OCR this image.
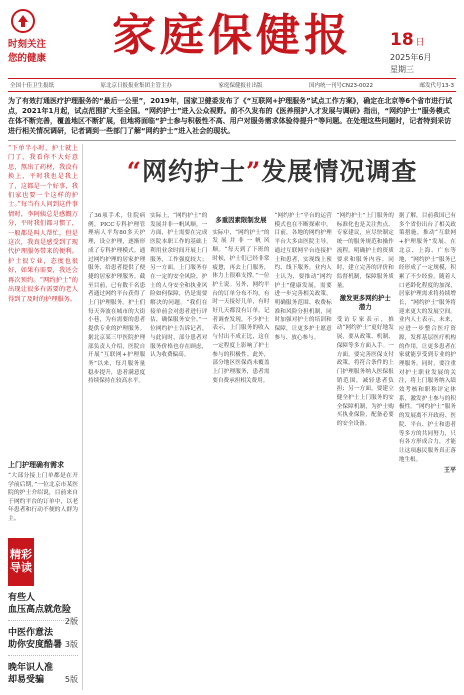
时刻关注
您的健康	家庭保健报	18 日
2025年6月
星期三
全国十佳卫生报纸	原北京日报报业集团主管主办	家庭保健报社出版	国内统一刊号CN23-0022	邮发代号13-3
为了有效打通医疗护理服务的“最后一公里”，2019年，国家卫健委发布了《“互联网+护理服务”试点工作方案》，确定在北京等6个省市进行试点，2021年1月起，试点范围扩大至全国。“网约护士”进入公众视野。前不久发布的《医养照护人才发展与调研》指出，“网约护士”服务模式在体不断完善，覆盖地区不断扩展，但地将面临“护士参与积极性不高、用户对服务需求体验待提升”等问题。在处理这些问题时，记者特到采访进行相关情况调研，记者调到一些部门了解“网约护士”进入社会的现状。
“下单半小时，护士就上门了，我看你不大好意思，熬出了药材，我没有换上，平时我也是我上了，这都是一个好事，我们家也要一个这样的护士。”每当有人问到这件事情时，李阿姨总是感慨万分，平时我们都习惯了，一般都是叫人帮忙，但是这次，我真是感受到了现代护理服务带来的便利。护士很专业，态度也很好，如果有需要，我还会再次预约。“网约护士”的出现让很多有需要的老人得到了及时的护理服务。
上门护理确有需求
“大部分接上门单都是在开学前后期，”一位北京市某医院的护士介绍说，目前来自于网约平台的订单中，以老年患者和行动不便的人群为主。
精彩
导读
有些人
血压高点就危险
2版
中医作意法
助你安度酷暑 3版
晚年识人准
却易受骗	5版
“网约护士”发展情况调查
了36项手术，住院病例。PICC专科护理管理病人平均80多天护理，设立护理，逐渐形成了专科护理模式。通过网约护理的居家护理服务，给患者提供了便捷的居家护理服务。截至目前，已有数千名患者通过网约平台获得了上门护理服务。护士们每天奔波在城市的大街小巷，为有需要的患者提供专业的护理服务。据北京某三甲医院护理部负责人介绍，医院自开展“互联网+护理服务”以来，每月服务量稳步提升，患者满意度持续保持在较高水平。
实际上，“网约护士”的发展并非一帆风顺。一方面，护士需要在完成医院本职工作的基础上利用业余时间开展上门服务，工作强度较大；另一方面，上门服务存在一定的安全风险，护士的人身安全和执业风险如何保障，仍是需要解决的问题。“我们在接单前会对患者进行评估，确保服务安全。”一位网约护士告诉记者。与此同时，部分患者对服务价格也存在顾虑，认为收费偏高。
多重因素限制发展
实际中，“网约护士”的发展并非一帆风顺。“每天到了下班的时候，护士们已经非常疲惫，再去上门服务，体力上很难支撑。”一位护士说。另外，网约平台的订单分布不均，有时一天接好几单，有时好几天都没有订单。记者调查发现，不少护士表示，上门服务的收入与付出不成正比，这在一定程度上影响了护士参与的积极性。此外，部分地区医保尚未覆盖上门护理服务，患者需要自费承担相关费用。
“网约护士”平台的运营模式也在不断探索中。目前，各地的网约护理平台大多由医院主导，通过互联网平台连接护士和患者，实现线上预约、线下服务。业内人士认为，要推动“网约护士”健康发展，需要进一步完善相关政策，明确服务范围、收费标准和风险分担机制，同时加强对护士的培训和保障，让更多护士愿意参与、放心参与。
“网约护士”上门服务的标准化也是关注焦点。专家建议，应尽快制定统一的服务规范和操作流程，明确护士的资质要求和服务内容。同时，建立完善的评价和监督机制，保障服务质量。
激发更多网约护士潜力
受访专家表示，推动“网约护士”更好地发展，要从政策、机制、保障等多方面入手。一方面，要完善医保支付政策，将符合条件的上门护理服务纳入医保报销范围，减轻患者负担；另一方面，要建立健全护士上门服务的安全保障机制，为护士购买执业保险，配备必要的安全设备。
据了解，目前我国已有多个省份出台了相关政策措施，推动“互联网+护理服务”发展。在北京、上海、广东等地，“网约护士”服务已经形成了一定规模，积累了不少经验。随着人口老龄化程度的加深，居家护理需求将持续增长，“网约护士”服务将迎来更大的发展空间。业内人士表示，未来，应进一步整合医疗资源，发挥基层医疗机构的作用，让更多患者在家就能享受到专业的护理服务。同时，要注重对护士职业发展的关注，将上门服务纳入绩效考核和职称评定体系，激发护士参与的积极性。“网约护士”服务的发展离不开政府、医院、平台、护士和患者等多方的共同努力，只有各方形成合力，才能让这项惠民服务真正落地生根。
王平
